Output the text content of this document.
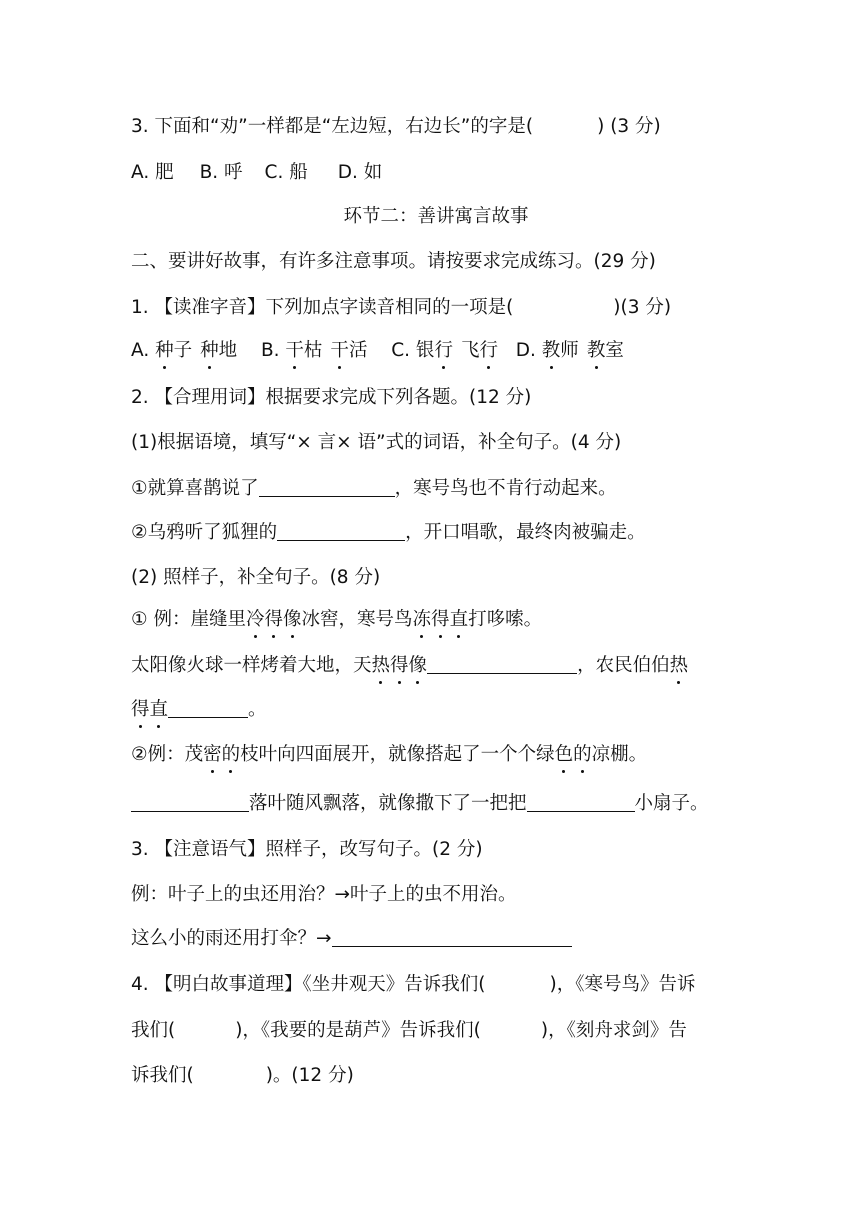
3. 下面和“劝”一样都是“左边短，右边长”的字是(	) (3 分)
A. 肥 B. 呼 C. 船 D. 如
环节二：善讲寓言故事
二、要讲好故事，有许多注意事项。请按要求完成练习。(29 分)
1. 【读准字音】下列加点字读音相同的一项是(	)(3 分)
A. 种子 种地 B. 干枯 干活 C. 银行 飞行 D. 教师 教室
2. 【合理用词】根据要求完成下列各题。(12 分)
(1)根据语境，填写“× 言× 语”式的词语，补全句子。(4 分)
①就算喜鹊说了	，寒号鸟也不肯行动起来。
②乌鸦听了狐狸的	，开口唱歌，最终肉被骗走。
(2) 照样子，补全句子。(8 分)
① 例：崖缝里冷得像冰窖，寒号鸟冻得直打哆嗦。
太阳像火球一样烤着大地，天热得像	，农民伯伯热
得直	。
②例：茂密的枝叶向四面展开，就像搭起了一个个绿色的凉棚。
落叶随风飘落，就像撒下了一把把	小扇子。
3. 【注意语气】照样子，改写句子。(2 分)
例：叶子上的虫还用治？→叶子上的虫不用治。
这么小的雨还用打伞？→
4. 【明白故事道理】《坐井观天》告诉我们(	)，《寒号鸟》告诉
我们(	)，《我要的是葫芦》告诉我们(	)，《刻舟求剑》告
诉我们(	)。(12 分)
